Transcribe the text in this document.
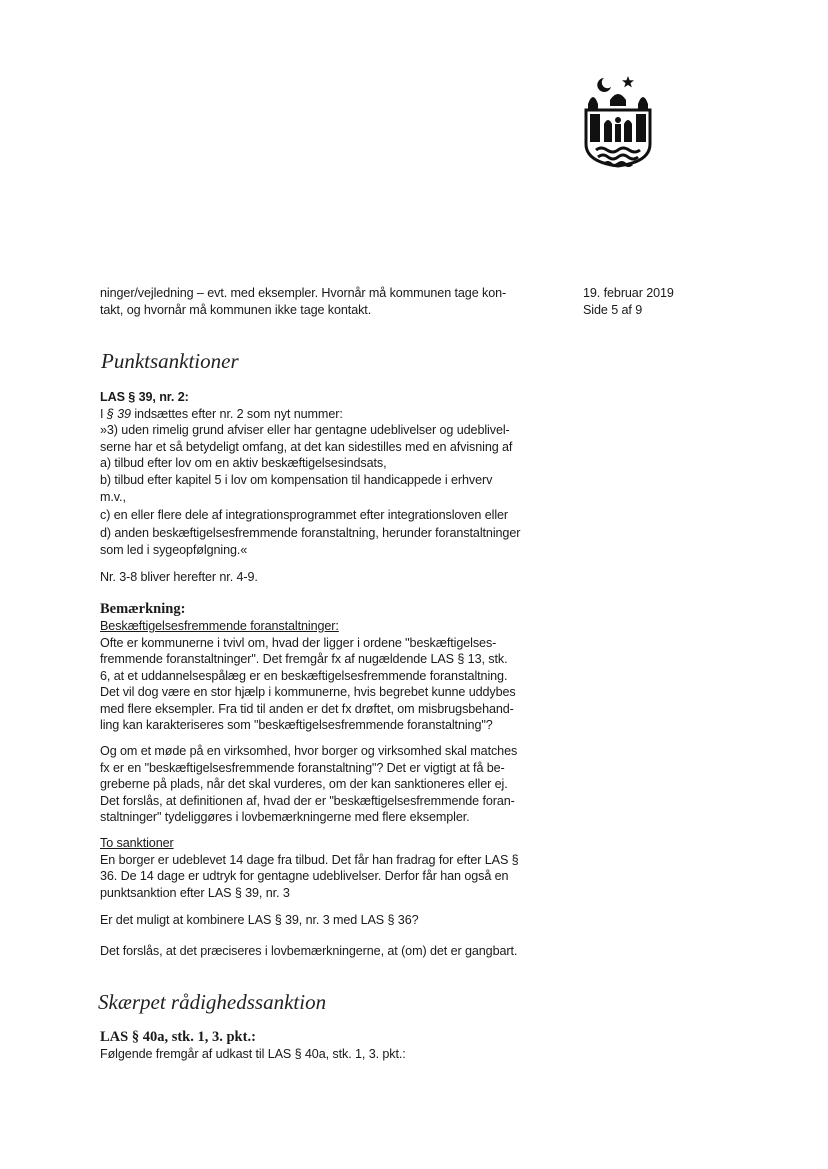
19. februar 2019
Side 5 af 9
ninger/vejledning – evt. med eksempler. Hvornår må kommunen tage kon-
takt, og hvornår må kommunen ikke tage kontakt.
Punktsanktioner
LAS § 39, nr. 2:
I § 39 indsættes efter nr. 2 som nyt nummer:
»3) uden rimelig grund afviser eller har gentagne udeblivelser og udeblivel-
serne har et så betydeligt omfang, at det kan sidestilles med en afvisning af
a) tilbud efter lov om en aktiv beskæftigelsesindsats,
b) tilbud efter kapitel 5 i lov om kompensation til handicappede i erhverv
m.v.,
c) en eller flere dele af integrationsprogrammet efter integrationsloven eller
d) anden beskæftigelsesfremmende foranstaltning, herunder foranstaltninger
som led i sygeopfølgning.«
Nr. 3-8 bliver herefter nr. 4-9.
Bemærkning:
Beskæftigelsesfremmende foranstaltninger:
Ofte er kommunerne i tvivl om, hvad der ligger i ordene "beskæftigelses-
fremmende foranstaltninger". Det fremgår fx af nugældende LAS § 13, stk.
6, at et uddannelsespålæg er en beskæftigelsesfremmende foranstaltning.
Det vil dog være en stor hjælp i kommunerne, hvis begrebet kunne uddybes
med flere eksempler. Fra tid til anden er det fx drøftet, om misbrugsbehand-
ling kan karakteriseres som "beskæftigelsesfremmende foranstaltning"?
Og om et møde på en virksomhed, hvor borger og virksomhed skal matches
fx er en "beskæftigelsesfremmende foranstaltning"? Det er vigtigt at få be-
greberne på plads, når det skal vurderes, om der kan sanktioneres eller ej.
Det forslås, at definitionen af, hvad der er "beskæftigelsesfremmende foran-
staltninger" tydeliggøres i lovbemærkningerne med flere eksempler.
To sanktioner
En borger er udeblevet 14 dage fra tilbud. Det får han fradrag for efter LAS §
36. De 14 dage er udtryk for gentagne udeblivelser. Derfor får han også en
punktsanktion efter LAS § 39, nr. 3
Er det muligt at kombinere LAS § 39, nr. 3 med LAS § 36?
Det forslås, at det præciseres i lovbemærkningerne, at (om) det er gangbart.
Skærpet rådighedssanktion
LAS § 40a, stk. 1, 3. pkt.:
Følgende fremgår af udkast til LAS § 40a, stk. 1, 3. pkt.:
